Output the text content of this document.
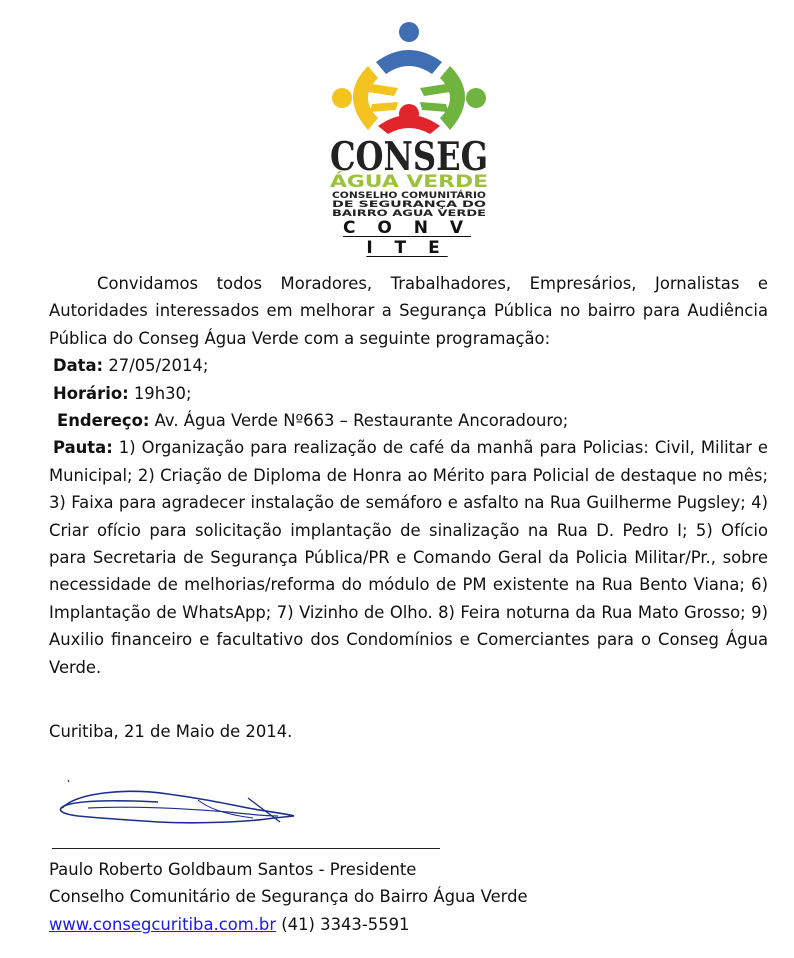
CONSEG
ÁGUA VERDE
CONSELHO COMUNITÁRIO
DE SEGURANÇA DO
BAIRRO AGUA VERDE
C O N V I T E

Convidamos todos Moradores, Trabalhadores, Empresários, Jornalistas e Autoridades interessados em melhorar a Segurança Pública no bairro para Audiência Pública do Conseg Água Verde com a seguinte programação:

Data: 27/05/2014;

Horário: 19h30;

Endereço: Av. Água Verde Nº663 – Restaurante Ancoradouro;

Pauta: 1) Organização para realização de café da manhã para Policias: Civil, Militar e Municipal; 2) Criação de Diploma de Honra ao Mérito para Policial de destaque no mês; 3) Faixa para agradecer instalação de semáforo e asfalto na Rua Guilherme Pugsley; 4) Criar ofício para solicitação implantação de sinalização na Rua D. Pedro I; 5) Ofício para Secretaria de Segurança Pública/PR e Comando Geral da Policia Militar/Pr., sobre necessidade de melhorias/reforma do módulo de PM existente na Rua Bento Viana; 6) Implantação de WhatsApp; 7) Vizinho de Olho. 8) Feira noturna da Rua Mato Grosso; 9) Auxilio financeiro e facultativo dos Condomínios e Comerciantes para o Conseg Água Verde.

Curitiba, 21 de Maio de 2014.
Paulo Roberto Goldbaum Santos - Presidente
Conselho Comunitário de Segurança do Bairro Água Verde
www.consegcuritiba.com.br (41) 3343-5591
